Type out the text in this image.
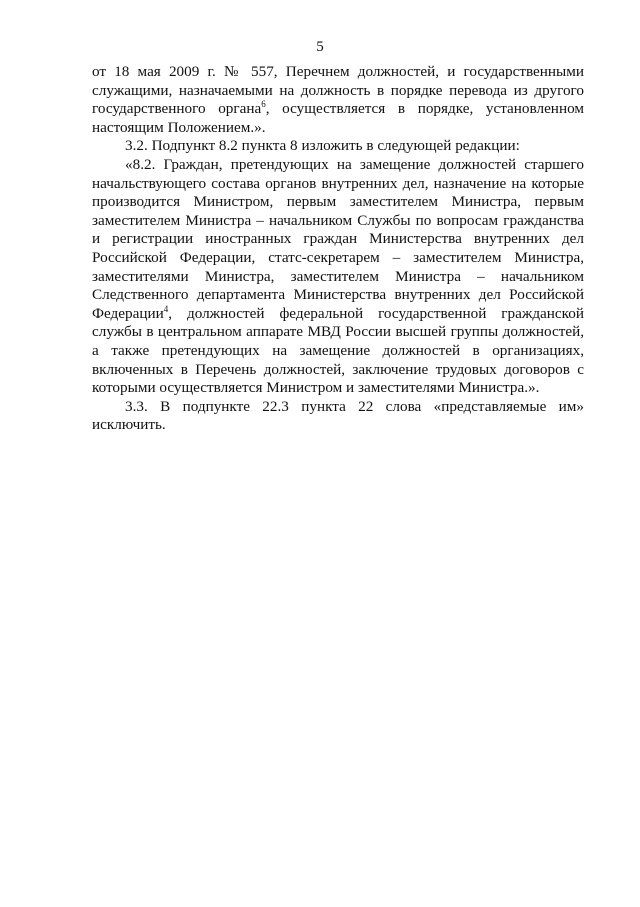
5

от 18 мая 2009 г. № 557, Перечнем должностей, и государственными служащими, назначаемыми на должность в порядке перевода из другого государственного органа$^6$, осуществляется в порядке, установленном настоящим Положением.».

3.2. Подпункт 8.2 пункта 8 изложить в следующей редакции:

«8.2. Граждан, претендующих на замещение должностей старшего начальствующего состава органов внутренних дел, назначение на которые производится Министром, первым заместителем Министра, первым заместителем Министра – начальником Службы по вопросам гражданства и регистрации иностранных граждан Министерства внутренних дел Российской Федерации, статс-секретарем – заместителем Министра, заместителями Министра, заместителем Министра – начальником Следственного департамента Министерства внутренних дел Российской Федерации$^4$, должностей федеральной государственной гражданской службы в центральном аппарате МВД России высшей группы должностей, а также претендующих на замещение должностей в организациях, включенных в Перечень должностей, заключение трудовых договоров с которыми осуществляется Министром и заместителями Министра.».

3.3. В подпункте 22.3 пункта 22 слова «представляемые им» исключить.
